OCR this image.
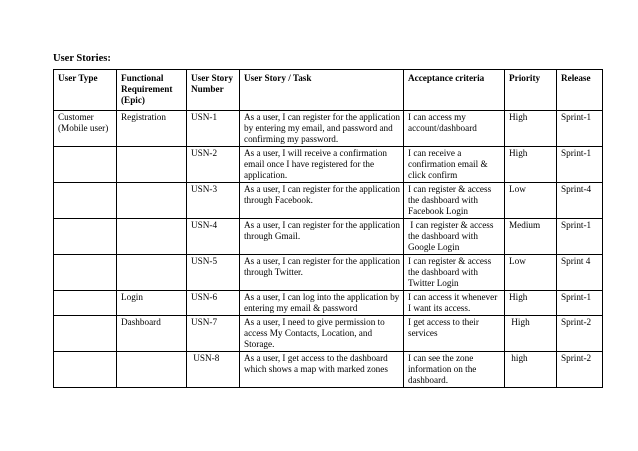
User Stories:
User Type	Functional
Requirement
(Epic)	User Story
Number	User Story / Task	Acceptance criteria	Priority	Release
Customer
(Mobile user)	Registration	USN-1	As a user, I can register for the application
by entering my email, and password and
confirming my password.	I can access my
account/dashboard	High	Sprint-1
		USN-2	As a user, I will receive a confirmation
email once I have registered for the
application.	I can receive a
confirmation email &
click confirm	High	Sprint-1
		USN-3	As a user, I can register for the application
through Facebook.	I can register & access
the dashboard with
Facebook Login	Low	Sprint-4
		USN-4	As a user, I can register for the application
through Gmail.	I can register & access
the dashboard with
Google Login	Medium	Sprint-1
		USN-5	As a user, I can register for the application
through Twitter.	I can register & access
the dashboard with
Twitter Login	Low	Sprint 4
	Login	USN-6	As a user, I can log into the application by
entering my email & password	I can access it whenever
I want its access.	High	Sprint-1
	Dashboard	USN-7	As a user, I need to give permission to
access My Contacts, Location, and
Storage.	I get access to their
services	High	Sprint-2
		USN-8	As a user, I get access to the dashboard
which shows a map with marked zones	I can see the zone
information on the
dashboard.	high	Sprint-2
